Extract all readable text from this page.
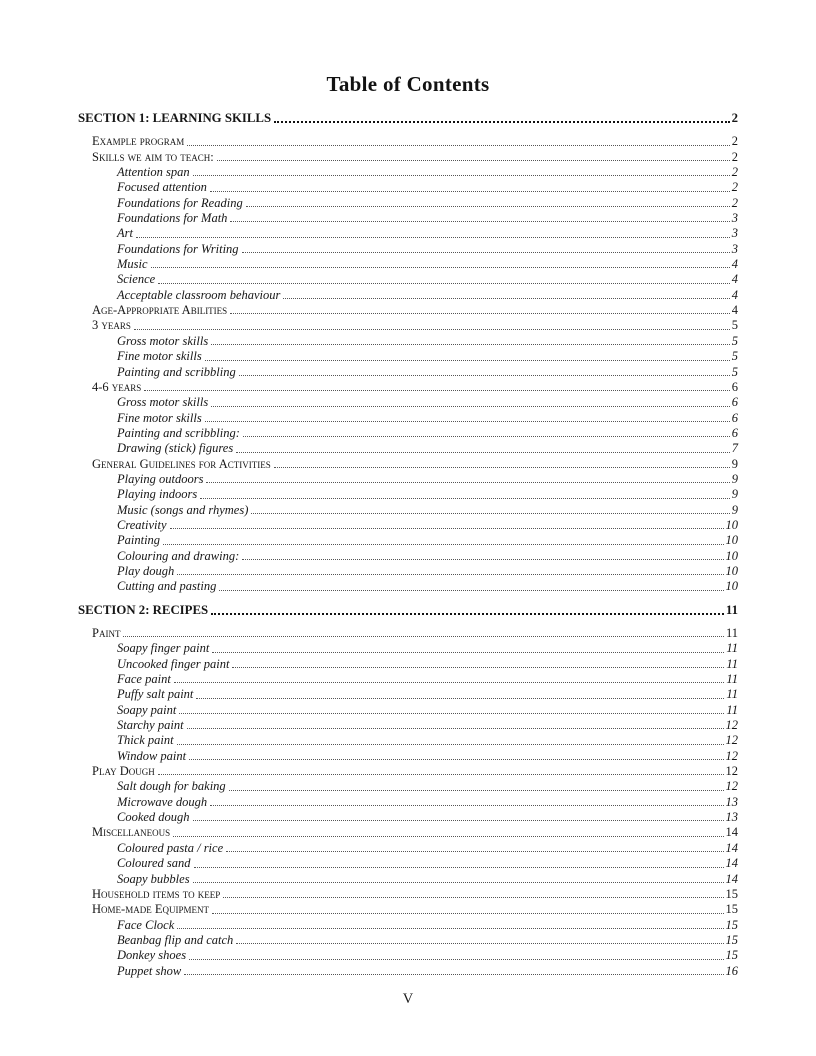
Table of Contents
SECTION 1: LEARNING SKILLS	2
Example program	2
Skills we aim to teach:	2
Attention span	2
Focused attention	2
Foundations for Reading	2
Foundations for Math	3
Art	3
Foundations for Writing	3
Music	4
Science	4
Acceptable classroom behaviour	4
Age-Appropriate Abilities	4
3 years	5
Gross motor skills	5
Fine motor skills	5
Painting and scribbling	5
4-6 years	6
Gross motor skills	6
Fine motor skills	6
Painting and scribbling:	6
Drawing (stick) figures	7
General Guidelines for Activities	9
Playing outdoors	9
Playing indoors	9
Music (songs and rhymes)	9
Creativity	10
Painting	10
Colouring and drawing:	10
Play dough	10
Cutting and pasting	10
SECTION 2: RECIPES	11
Paint	11
Soapy finger paint	11
Uncooked finger paint	11
Face paint	11
Puffy salt paint	11
Soapy paint	11
Starchy paint	12
Thick paint	12
Window paint	12
Play Dough	12
Salt dough for baking	12
Microwave dough	13
Cooked dough	13
Miscellaneous	14
Coloured pasta / rice	14
Coloured sand	14
Soapy bubbles	14
Household items to keep	15
Home-made Equipment	15
Face Clock	15
Beanbag flip and catch	15
Donkey shoes	15
Puppet show	16
V
